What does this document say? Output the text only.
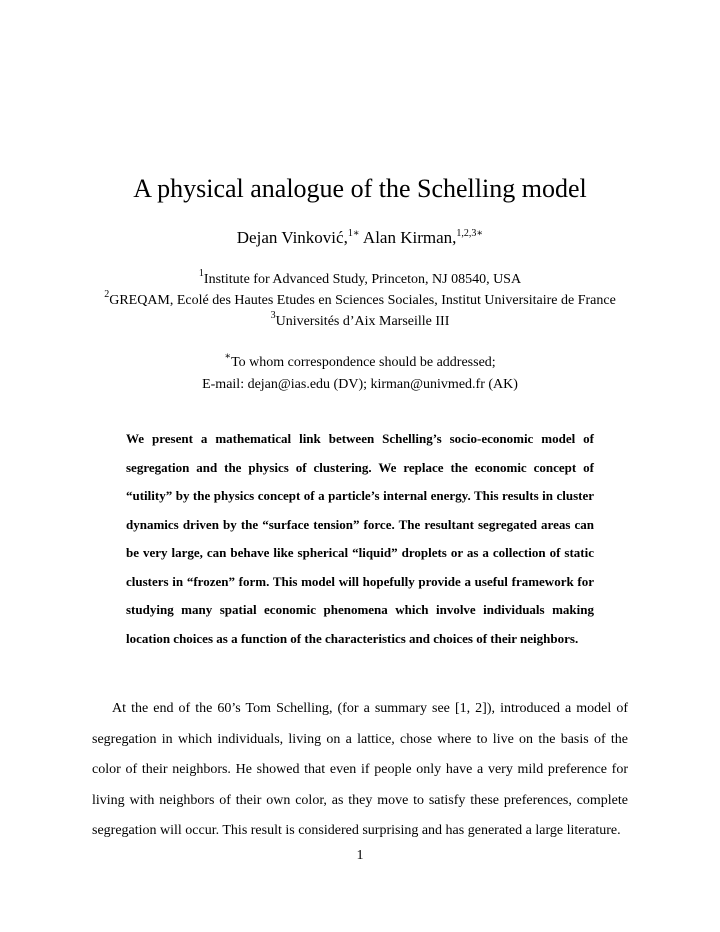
A physical analogue of the Schelling model
Dejan Vinković,$^{1∗}$ Alan Kirman,$^{1,2,3∗}$
$^1$Institute for Advanced Study, Princeton, NJ 08540, USA
$^2$GREQAM, Ecolé des Hautes Etudes en Sciences Sociales, Institut Universitaire de France
$^3$Universités d’Aix Marseille III
∗To whom correspondence should be addressed;
E-mail: dejan@ias.edu (DV); kirman@univmed.fr (AK)

We present a mathematical link between Schelling’s socio-economic model of segregation and the physics of clustering. We replace the economic concept of “utility” by the physics concept of a particle’s internal energy. This results in cluster dynamics driven by the “surface tension” force. The resultant segregated areas can be very large, can behave like spherical “liquid” droplets or as a collection of static clusters in “frozen” form. This model will hopefully provide a useful framework for studying many spatial economic phenomena which involve individuals making location choices as a function of the characteristics and choices of their neighbors.

At the end of the 60’s Tom Schelling, (for a summary see [1, 2]), introduced a model of segregation in which individuals, living on a lattice, chose where to live on the basis of the color of their neighbors. He showed that even if people only have a very mild preference for living with neighbors of their own color, as they move to satisfy these preferences, complete segregation will occur. This result is considered surprising and has generated a large literature.

1
